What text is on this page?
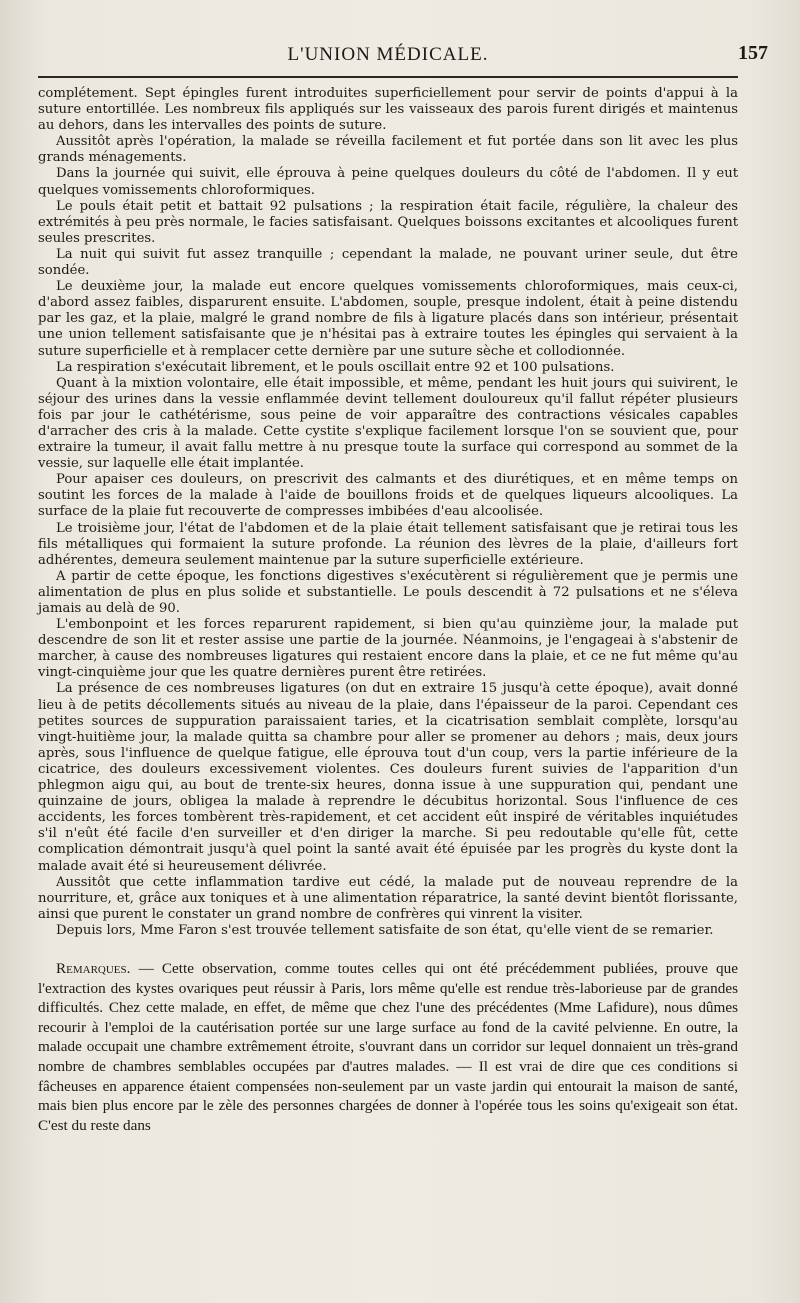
L'UNION MÉDICALE.	157

complétement. Sept épingles furent introduites superficiellement pour servir de points d'appui à la suture entortillée. Les nombreux fils appliqués sur les vaisseaux des parois furent dirigés et maintenus au dehors, dans les intervalles des points de suture.

Aussitôt après l'opération, la malade se réveilla facilement et fut portée dans son lit avec les plus grands ménagements.

Dans la journée qui suivit, elle éprouva à peine quelques douleurs du côté de l'abdomen. Il y eut quelques vomissements chloroformiques.

Le pouls était petit et battait 92 pulsations ; la respiration était facile, régulière, la chaleur des extrémités à peu près normale, le facies satisfaisant. Quelques boissons excitantes et alcooliques furent seules prescrites.

La nuit qui suivit fut assez tranquille ; cependant la malade, ne pouvant uriner seule, dut être sondée.

Le deuxième jour, la malade eut encore quelques vomissements chloroformiques, mais ceux-ci, d'abord assez faibles, disparurent ensuite. L'abdomen, souple, presque indolent, était à peine distendu par les gaz, et la plaie, malgré le grand nombre de fils à ligature placés dans son intérieur, présentait une union tellement satisfaisante que je n'hésitai pas à extraire toutes les épingles qui servaient à la suture superficielle et à remplacer cette dernière par une suture sèche et collodionnée.

La respiration s'exécutait librement, et le pouls oscillait entre 92 et 100 pulsations.

Quant à la mixtion volontaire, elle était impossible, et même, pendant les huit jours qui suivirent, le séjour des urines dans la vessie enflammée devint tellement douloureux qu'il fallut répéter plusieurs fois par jour le cathétérisme, sous peine de voir apparaître des contractions vésicales capables d'arracher des cris à la malade. Cette cystite s'explique facilement lorsque l'on se souvient que, pour extraire la tumeur, il avait fallu mettre à nu presque toute la surface qui correspond au sommet de la vessie, sur laquelle elle était implantée.

Pour apaiser ces douleurs, on prescrivit des calmants et des diurétiques, et en même temps on soutint les forces de la malade à l'aide de bouillons froids et de quelques liqueurs alcooliques. La surface de la plaie fut recouverte de compresses imbibées d'eau alcoolisée.

Le troisième jour, l'état de l'abdomen et de la plaie était tellement satisfaisant que je retirai tous les fils métalliques qui formaient la suture profonde. La réunion des lèvres de la plaie, d'ailleurs fort adhérentes, demeura seulement maintenue par la suture superficielle extérieure.

A partir de cette époque, les fonctions digestives s'exécutèrent si régulièrement que je permis une alimentation de plus en plus solide et substantielle. Le pouls descendit à 72 pulsations et ne s'éleva jamais au delà de 90.

L'embonpoint et les forces reparurent rapidement, si bien qu'au quinzième jour, la malade put descendre de son lit et rester assise une partie de la journée. Néanmoins, je l'engageai à s'abstenir de marcher, à cause des nombreuses ligatures qui restaient encore dans la plaie, et ce ne fut même qu'au vingt-cinquième jour que les quatre dernières purent être retirées.

La présence de ces nombreuses ligatures (on dut en extraire 15 jusqu'à cette époque), avait donné lieu à de petits décollements situés au niveau de la plaie, dans l'épaisseur de la paroi. Cependant ces petites sources de suppuration paraissaient taries, et la cicatrisation semblait complète, lorsqu'au vingt-huitième jour, la malade quitta sa chambre pour aller se promener au dehors ; mais, deux jours après, sous l'influence de quelque fatigue, elle éprouva tout d'un coup, vers la partie inférieure de la cicatrice, des douleurs excessivement violentes. Ces douleurs furent suivies de l'apparition d'un phlegmon aigu qui, au bout de trente-six heures, donna issue à une suppuration qui, pendant une quinzaine de jours, obligea la malade à reprendre le décubitus horizontal. Sous l'influence de ces accidents, les forces tombèrent très-rapidement, et cet accident eût inspiré de véritables inquiétudes s'il n'eût été facile d'en surveiller et d'en diriger la marche. Si peu redoutable qu'elle fût, cette complication démontrait jusqu'à quel point la santé avait été épuisée par les progrès du kyste dont la malade avait été si heureusement délivrée.

Aussitôt que cette inflammation tardive eut cédé, la malade put de nouveau reprendre de la nourriture, et, grâce aux toniques et à une alimentation réparatrice, la santé devint bientôt florissante, ainsi que purent le constater un grand nombre de confrères qui vinrent la visiter.

Depuis lors, Mme Faron s'est trouvée tellement satisfaite de son état, qu'elle vient de se remarier.

Remarques. — Cette observation, comme toutes celles qui ont été précédemment publiées, prouve que l'extraction des kystes ovariques peut réussir à Paris, lors même qu'elle est rendue très-laborieuse par de grandes difficultés. Chez cette malade, en effet, de même que chez l'une des précédentes (Mme Lafidure), nous dûmes recourir à l'emploi de la cautérisation portée sur une large surface au fond de la cavité pelvienne. En outre, la malade occupait une chambre extrêmement étroite, s'ouvrant dans un corridor sur lequel donnaient un très-grand nombre de chambres semblables occupées par d'autres malades. — Il est vrai de dire que ces conditions si fâcheuses en apparence étaient compensées non-seulement par un vaste jardin qui entourait la maison de santé, mais bien plus encore par le zèle des personnes chargées de donner à l'opérée tous les soins qu'exigeait son état. C'est du reste dans
